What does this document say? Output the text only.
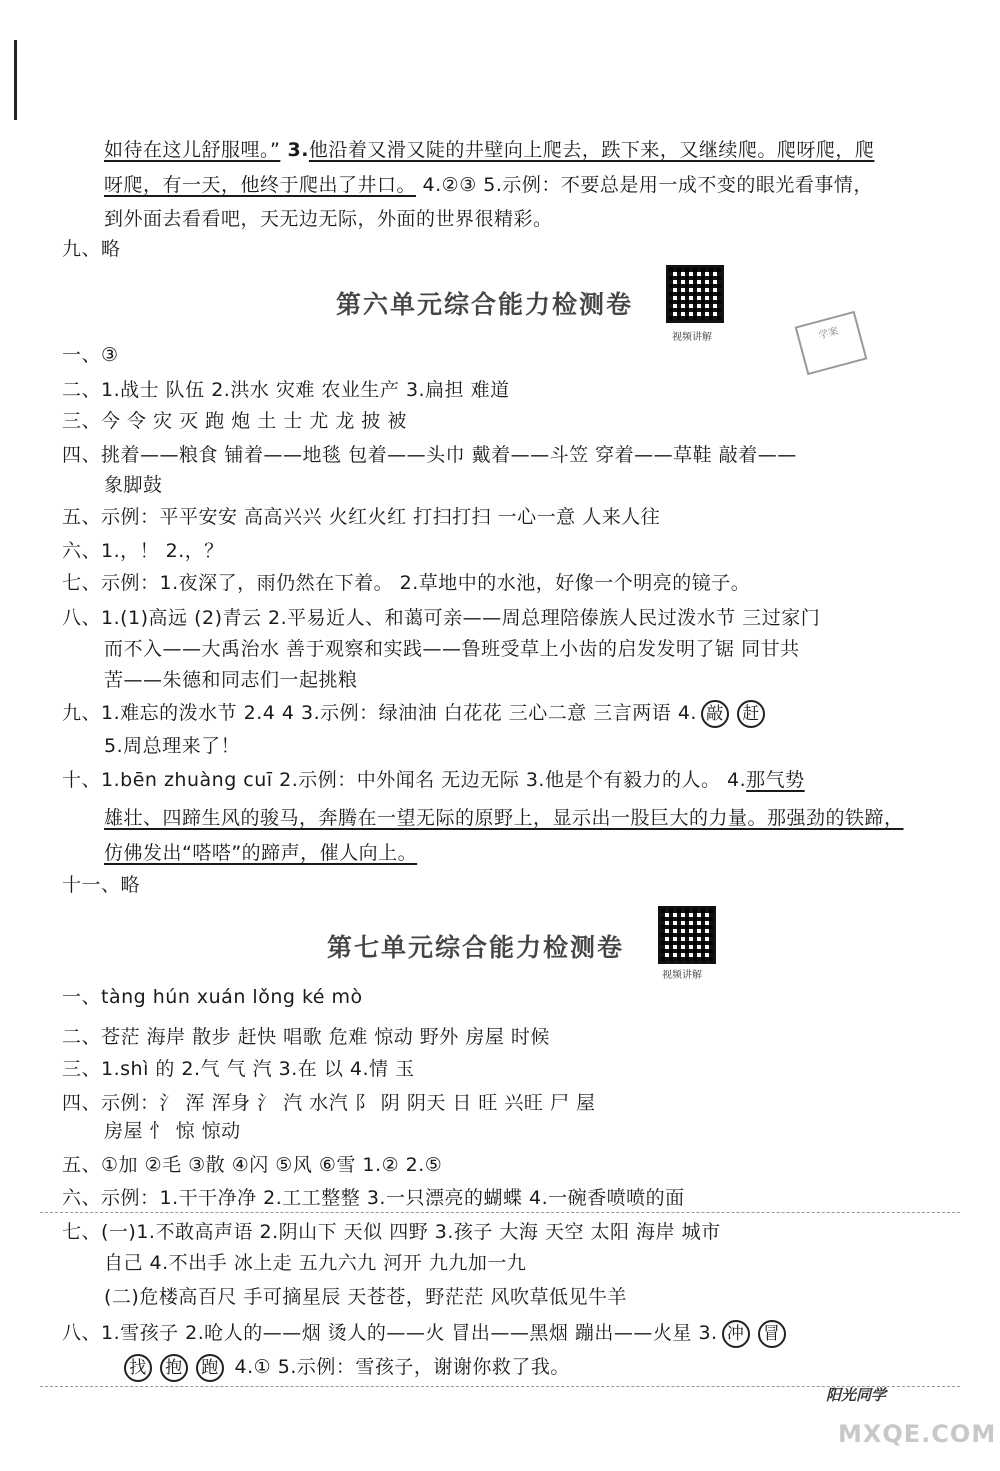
如待在这儿舒服哩。” 3.他沿着又滑又陡的井壁向上爬去，跌下来，又继续爬。爬呀爬，爬
呀爬，有一天，他终于爬出了井口。 4.②③ 5.示例：不要总是用一成不变的眼光看事情，
到外面去看看吧，天无边无际，外面的世界很精彩。
九、略
第六单元综合能力检测卷
视频讲解	学案
一、③
二、1.战士 队伍 2.洪水 灾难 农业生产 3.扁担 难道
三、今 令 灾 灭 跑 炮 土 士 尤 龙 披 被
四、挑着——粮食 铺着——地毯 包着——头巾 戴着——斗笠 穿着——草鞋 敲着——
象脚鼓
五、示例：平平安安 高高兴兴 火红火红 打扫打扫 一心一意 人来人往
六、1.，！ 2.，？
七、示例：1.夜深了，雨仍然在下着。 2.草地中的水池，好像一个明亮的镜子。
八、1.(1)高远 (2)青云 2.平易近人、和蔼可亲——周总理陪傣族人民过泼水节 三过家门
而不入——大禹治水 善于观察和实践——鲁班受草上小齿的启发发明了锯 同甘共
苦——朱德和同志们一起挑粮
九、1.难忘的泼水节 2.4 4 3.示例：绿油油 白花花 三心二意 三言两语 4. 敲 赶
5.周总理来了！
十、1.bēn zhuàng cuī 2.示例：中外闻名 无边无际 3.他是个有毅力的人。 4.那气势
雄壮、四蹄生风的骏马，奔腾在一望无际的原野上，显示出一股巨大的力量。那强劲的铁蹄，
仿佛发出“嗒嗒”的蹄声，催人向上。
十一、略
第七单元综合能力检测卷
视频讲解
一、tàng hún xuán lǒng ké mò
二、苍茫 海岸 散步 赶快 唱歌 危难 惊动 野外 房屋 时候
三、1.shì 的 2.气 气 汽 3.在 以 4.情 玉
四、示例：氵 浑 浑身 氵 汽 水汽 阝 阴 阴天 日 旺 兴旺 尸 屋
房屋 忄 惊 惊动
五、①加 ②毛 ③散 ④闪 ⑤风 ⑥雪 1.② 2.⑤
六、示例：1.干干净净 2.工工整整 3.一只漂亮的蝴蝶 4.一碗香喷喷的面
七、(一)1.不敢高声语 2.阴山下 天似 四野 3.孩子 大海 天空 太阳 海岸 城市
自己 4.不出手 冰上走 五九六九 河开 九九加一九
(二)危楼高百尺 手可摘星辰 天苍苍，野茫茫 风吹草低见牛羊
八、1.雪孩子 2.呛人的——烟 烫人的——火 冒出——黑烟 蹦出——火星 3. 冲 冒
找 抱 跑 4.① 5.示例：雪孩子，谢谢你救了我。
阳光同学
MXQE.COM
